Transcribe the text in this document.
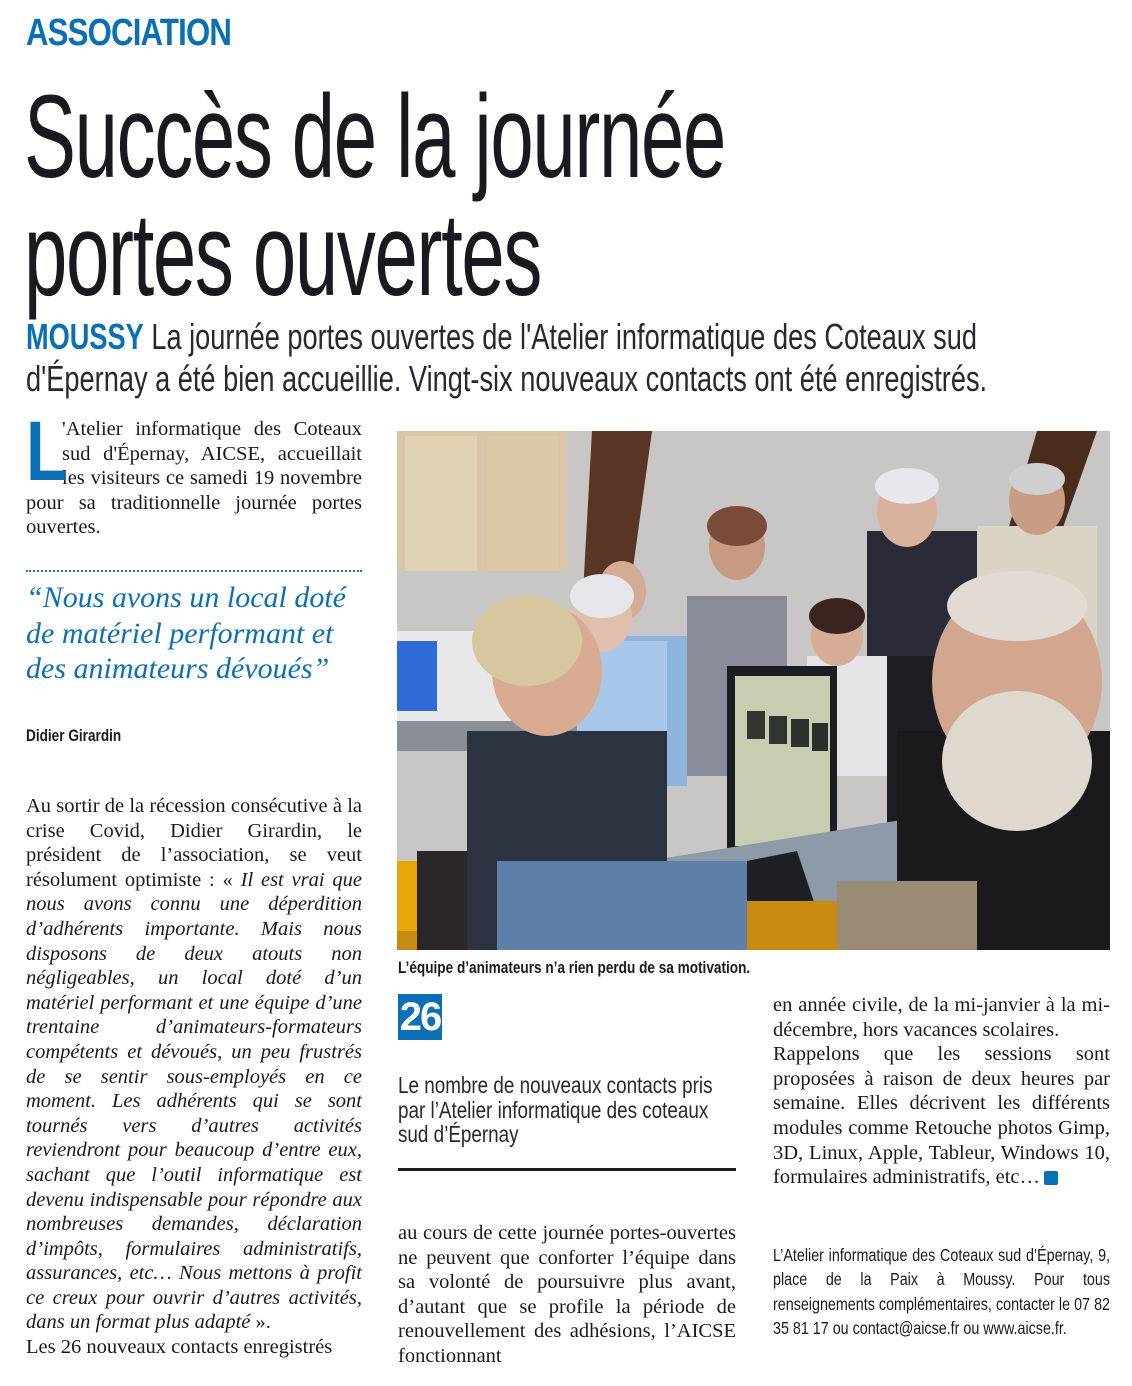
ASSOCIATION
Succès de la journée
portes ouvertes
MOUSSY La journée portes ouvertes de l'Atelier informatique des Coteaux sud
d'Épernay a été bien accueillie. Vingt-six nouveaux contacts ont été enregistrés.
L
'Atelier informatique des Coteaux sud d'Épernay, AICSE, accueillait les visiteurs ce samedi 19 novembre pour sa traditionnelle journée portes ouvertes.
“Nous avons un local doté de matériel performant et des animateurs dévoués”
Didier Girardin
Au sortir de la récession consécutive à la crise Covid, Didier Girardin, le président de l’association, se veut résolument optimiste : « Il est vrai que nous avons connu une déperdition d’adhérents importante. Mais nous disposons de deux atouts non négligeables, un local doté d’un matériel performant et une équipe d’une trentaine d’animateurs-formateurs compétents et dévoués, un peu frustrés de se sentir sous-employés en ce moment. Les adhérents qui se sont tournés vers d’autres activités reviendront pour beaucoup d’entre eux, sachant que l’outil informatique est devenu indispensable pour répondre aux nombreuses demandes, déclaration d’impôts, formulaires administratifs, assurances, etc… Nous mettons à profit ce creux pour ouvrir d’autres activités, dans un format plus adapté ».
Les 26 nouveaux contacts enregistrés
L’équipe d’animateurs n’a rien perdu de sa motivation.
26
Le nombre de nouveaux contacts pris par l’Atelier informatique des coteaux sud d’Épernay
au cours de cette journée portes-ouvertes ne peuvent que conforter l’équipe dans sa volonté de poursuivre plus avant, d’autant que se profile la période de renouvellement des adhésions, l’AICSE fonctionnant
en année civile, de la mi-janvier à la mi-décembre, hors vacances scolaires.
Rappelons que les sessions sont proposées à raison de deux heures par semaine. Elles décrivent les différents modules comme Retouche photos Gimp, 3D, Linux, Apple, Tableur, Windows 10, formulaires administratifs, etc…
L’Atelier informatique des Coteaux sud d’Épernay, 9, place de la Paix à Moussy. Pour tous renseignements complémentaires, contacter le 07 82 35 81 17 ou contact@aicse.fr ou www.aicse.fr.
